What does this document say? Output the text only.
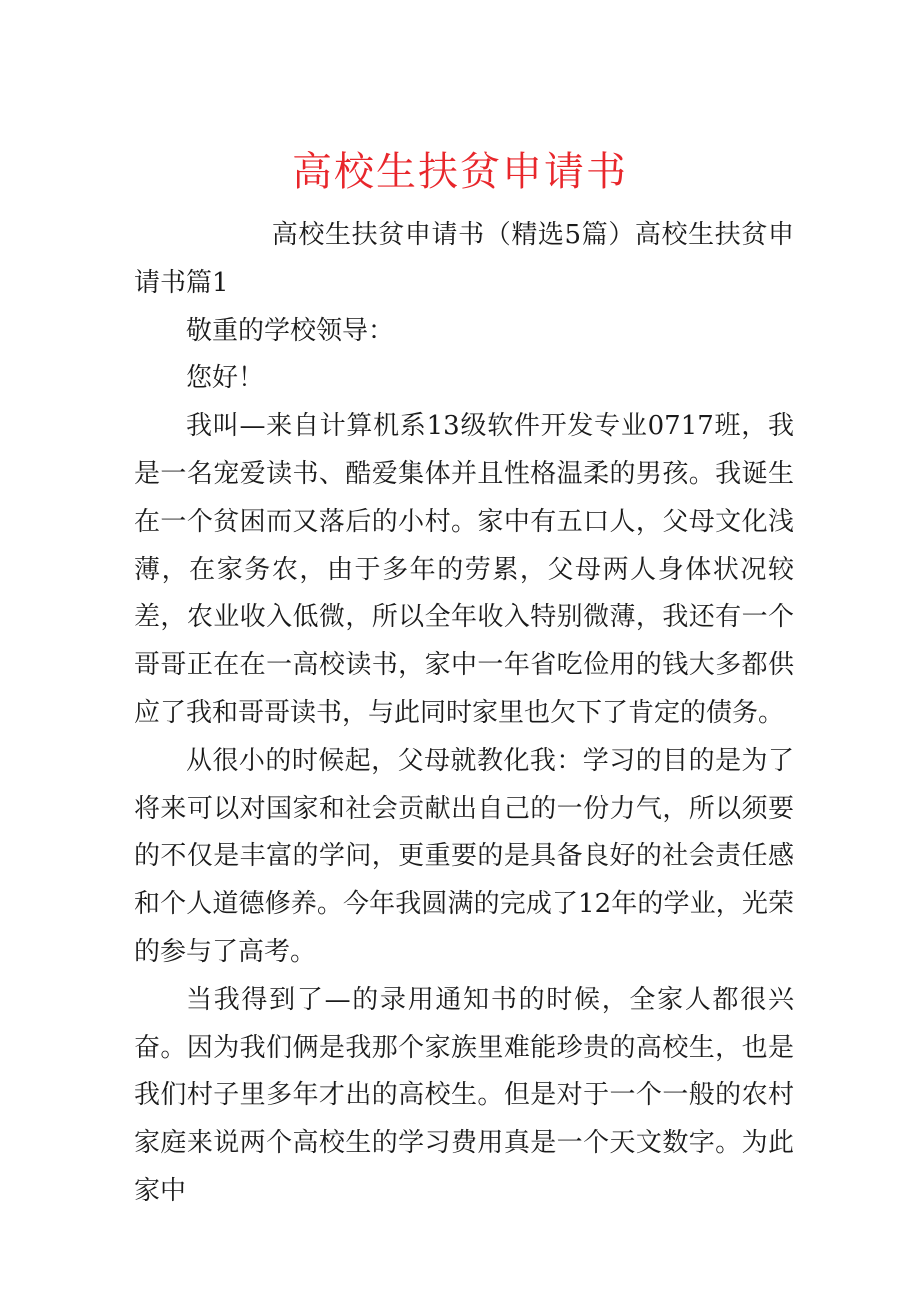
高校生扶贫申请书

高校生扶贫申请书（精选5篇）高校生扶贫申请书篇1

敬重的学校领导：

您好！

我叫—来自计算机系13级软件开发专业0717班，我是一名宠爱读书、酷爱集体并且性格温柔的男孩。我诞生在一个贫困而又落后的小村。家中有五口人，父母文化浅薄，在家务农，由于多年的劳累，父母两人身体状况较差，农业收入低微，所以全年收入特别微薄，我还有一个哥哥正在在一高校读书，家中一年省吃俭用的钱大多都供应了我和哥哥读书，与此同时家里也欠下了肯定的债务。

从很小的时候起，父母就教化我：学习的目的是为了将来可以对国家和社会贡献出自己的一份力气，所以须要的不仅是丰富的学问，更重要的是具备良好的社会责任感和个人道德修养。今年我圆满的完成了12年的学业，光荣的参与了高考。

当我得到了—的录用通知书的时候，全家人都很兴奋。因为我们俩是我那个家族里难能珍贵的高校生，也是我们村子里多年才出的高校生。但是对于一个一般的农村家庭来说两个高校生的学习费用真是一个天文数字。为此家中
